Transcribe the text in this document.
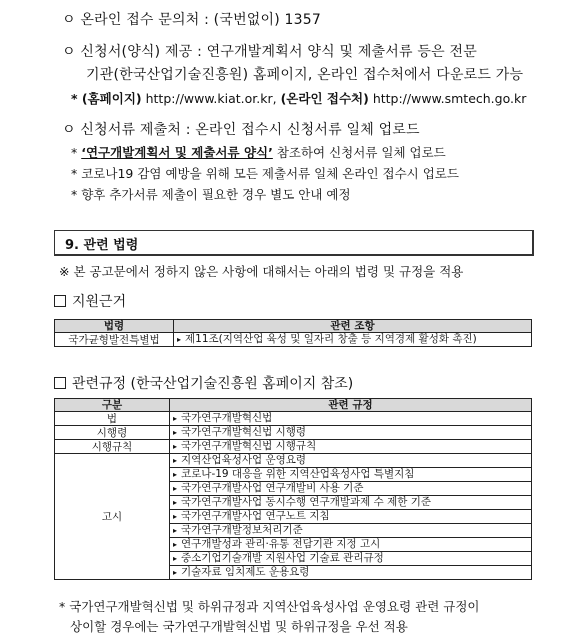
ㅇ 온라인 접수 문의처 : (국번없이) 1357
ㅇ 신청서(양식) 제공 : 연구개발계획서 양식 및 제출서류 등은 전문
기관(한국산업기술진흥원) 홈페이지, 온라인 접수처에서 다운로드 가능
* (홈페이지) http://www.kiat.or.kr, (온라인 접수처) http://www.smtech.go.kr
ㅇ 신청서류 제출처 : 온라인 접수시 신청서류 일체 업로드
* ‘연구개발계획서 및 제출서류 양식’ 참조하여 신청서류 일체 업로드
* 코로나19 감염 예방을 위해 모든 제출서류 일체 온라인 접수시 업로드
* 향후 추가서류 제출이 필요한 경우 별도 안내 예정
9. 관련 법령
※ 본 공고문에서 정하지 않은 사항에 대해서는 아래의 법령 및 규정을 적용
지원근거
법령	관련 조항
국가균형발전특별법	▸ 제11조(지역산업 육성 및 일자리 창출 등 지역경제 활성화 촉진)
관련규정 (한국산업기술진흥원 홈페이지 참조)
구분	관련 규정
법	▸ 국가연구개발혁신법
시행령	▸ 국가연구개발혁신법 시행령
시행규칙	▸ 국가연구개발혁신법 시행규칙
고시	▸ 지역산업육성사업 운영요령
	▸ 코로나-19 대응을 위한 지역산업육성사업 특별지침
	▸ 국가연구개발사업 연구개발비 사용 기준
	▸ 국가연구개발사업 동시수행 연구개발과제 수 제한 기준
	▸ 국가연구개발사업 연구노트 지침
	▸ 국가연구개발정보처리기준
	▸ 연구개발성과 관리·유통 전담기관 지정 고시
	▸ 중소기업기술개발 지원사업 기술료 관리규정
	▸ 기술자료 임치제도 운용요령
* 국가연구개발혁신법 및 하위규정과 지역산업육성사업 운영요령 관련 규정이
상이할 경우에는 국가연구개발혁신법 및 하위규정을 우선 적용
